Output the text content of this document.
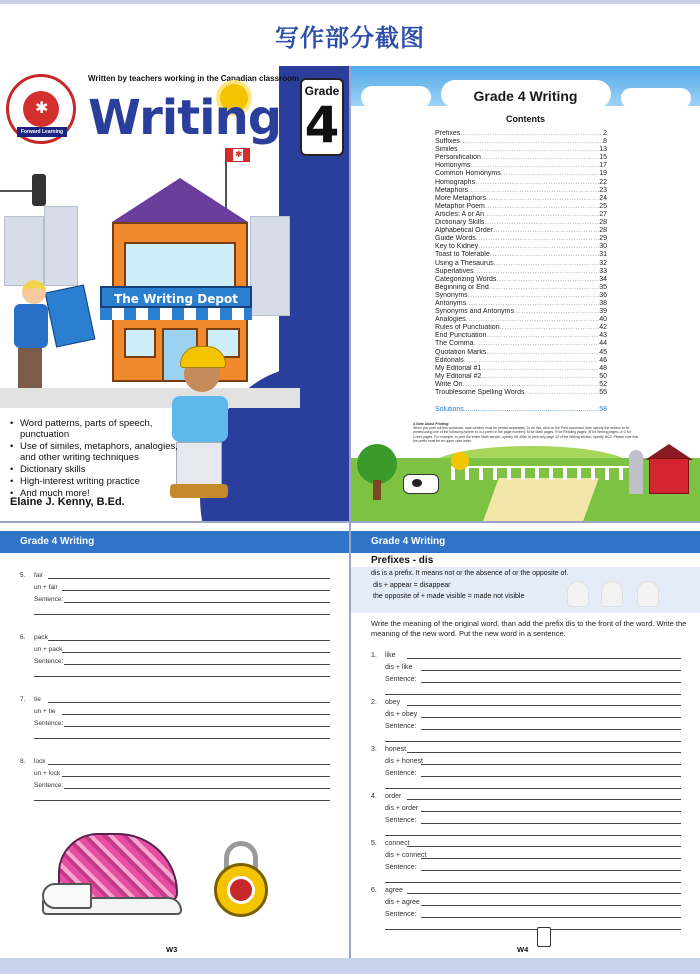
写作部分截图
✱
Forward Learning
Written by teachers working in the Canadian classroom
Writing Grade
4
✱
The Writing Depot
• Word patterns, parts of speech, punctuation
• Use of similes, metaphors, analogies, and other writing techniques
• Dictionary skills
• High-interest writing practice
• And much more!
Elaine J. Kenny, B.Ed.
Grade 4 Writing
Contents
Prefixes .....	2
Suffixes .....	8
Similes .....	13
Personification .....	15
Homonyms .....	17
Common Homonyms .....	19
Homographs .....	22
Metaphors .....	23
More Metaphors .....	24
Metaphor Poem .....	25
Articles: A or An .....	27
Dictionary Skills .....	28
Alphabetical Order .....	28
Guide Words .....	29
Key to Kidney .....	30
Toast to Tolerable .....	31
Using a Thesaurus .....	32
Superlatives .....	33
Categorizing Words .....	34
Beginning or End .....	35
Synonyms .....	36
Antonyms .....	38
Synonyms and Antonyms .....	39
Analogies .....	40
Rules of Punctuation .....	42
End Punctuation .....	43
The Comma .....	44
Quotation Marks .....	45
Editorials .....	46
My Editorial #1 .....	48
My Editorial #2 .....	50
Write On .....	52
Troublesome Spelling Words .....	55
Solutions .....	58
A Note About Printing:
When you print out this workbook, each section must be printed separately. To do this, click on the Print command, then specify the section to be printed using one of the following (where xx is a prefix in the page number): M for Math pages; R for Reading pages; W for Writing pages; or C for Cover pages. For example, to print the entire Math section, specify M1-M96; to print only page 12 of the Writing section, specify W12. Please note that the prefix must be an upper case letter.
Grade 4 Writing
5. fair
un + fair
Sentence:
6. pack
un + pack
Sentence:
7. tie
un + tie
Sentence:
8. lock
un + lock
Sentence:
W3
Grade 4 Writing
Prefixes - dis
dis is a prefix. It means not or the absence of or the opposite of.
dis + appear = disappear
the opposite of + made visible = made not visible
Write the meaning of the original word, than add the prefix dis to the front of the word. Write the meaning of the new word. Put the new word in a sentence.
1. like
dis + like
Sentence:
2. obey
dis + obey
Sentence:
3. honest
dis + honest
Sentence:
4. order
dis + order
Sentence:
5. connect
dis + connect
Sentence:
6. agree
dis + agree
Sentence:
W4
